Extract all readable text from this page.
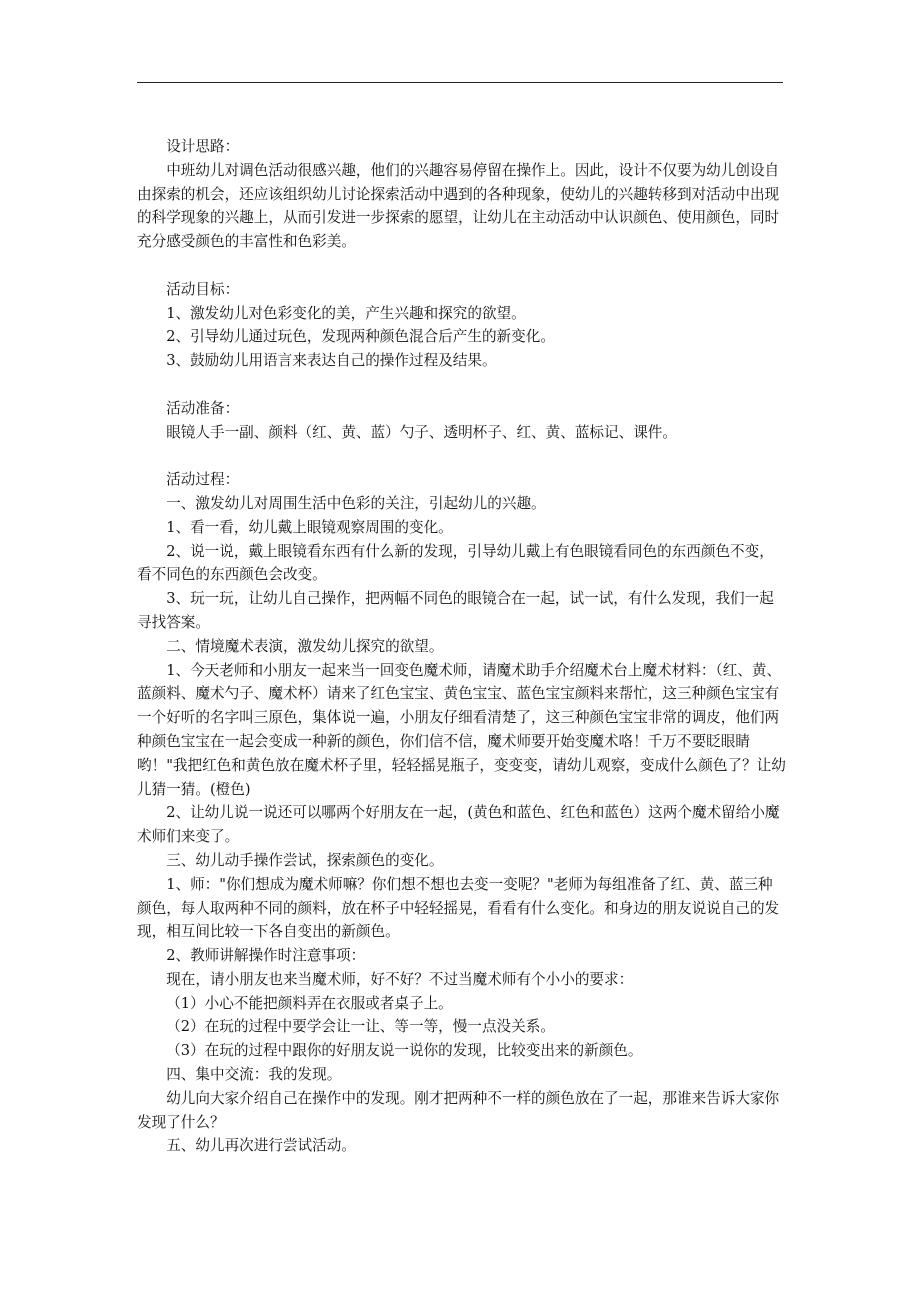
设计思路：

中班幼儿对调色活动很感兴趣，他们的兴趣容易停留在操作上。因此，设计不仅要为幼儿创设自由探索的机会，还应该组织幼儿讨论探索活动中遇到的各种现象，使幼儿的兴趣转移到对活动中出现的科学现象的兴趣上，从而引发进一步探索的愿望，让幼儿在主动活动中认识颜色、使用颜色，同时充分感受颜色的丰富性和色彩美。

活动目标：

1、激发幼儿对色彩变化的美，产生兴趣和探究的欲望。

2、引导幼儿通过玩色，发现两种颜色混合后产生的新变化。

3、鼓励幼儿用语言来表达自己的操作过程及结果。

活动准备：

眼镜人手一副、颜料（红、黄、蓝）勺子、透明杯子、红、黄、蓝标记、课件。

活动过程：

一、激发幼儿对周围生活中色彩的关注，引起幼儿的兴趣。

1、看一看，幼儿戴上眼镜观察周围的变化。

2、说一说，戴上眼镜看东西有什么新的发现，引导幼儿戴上有色眼镜看同色的东西颜色不变，看不同色的东西颜色会改变。

3、玩一玩，让幼儿自己操作，把两幅不同色的眼镜合在一起，试一试，有什么发现，我们一起寻找答案。

二、情境魔术表演，激发幼儿探究的欲望。

1、今天老师和小朋友一起来当一回变色魔术师，请魔术助手介绍魔术台上魔术材料：（红、黄、蓝颜料、魔术勺子、魔术杯）请来了红色宝宝、黄色宝宝、蓝色宝宝颜料来帮忙，这三种颜色宝宝有一个好听的名字叫三原色，集体说一遍，小朋友仔细看清楚了，这三种颜色宝宝非常的调皮，他们两种颜色宝宝在一起会变成一种新的颜色，你们信不信，魔术师要开始变魔术咯！千万不要眨眼睛哟！"我把红色和黄色放在魔术杯子里，轻轻摇晃瓶子，变变变，请幼儿观察，变成什么颜色了？让幼儿猜一猜。(橙色)

2、让幼儿说一说还可以哪两个好朋友在一起，(黄色和蓝色、红色和蓝色）这两个魔术留给小魔术师们来变了。

三、幼儿动手操作尝试，探索颜色的变化。

1、师："你们想成为魔术师嘛？你们想不想也去变一变呢？"老师为每组准备了红、黄、蓝三种颜色，每人取两种不同的颜料，放在杯子中轻轻摇晃，看看有什么变化。和身边的朋友说说自己的发现，相互间比较一下各自变出的新颜色。

2、教师讲解操作时注意事项：

现在，请小朋友也来当魔术师，好不好？不过当魔术师有个小小的要求：

（1）小心不能把颜料弄在衣服或者桌子上。

（2）在玩的过程中要学会让一让、等一等，慢一点没关系。

（3）在玩的过程中跟你的好朋友说一说你的发现，比较变出来的新颜色。

四、集中交流：我的发现。

幼儿向大家介绍自己在操作中的发现。刚才把两种不一样的颜色放在了一起，那谁来告诉大家你发现了什么？

五、幼儿再次进行尝试活动。
